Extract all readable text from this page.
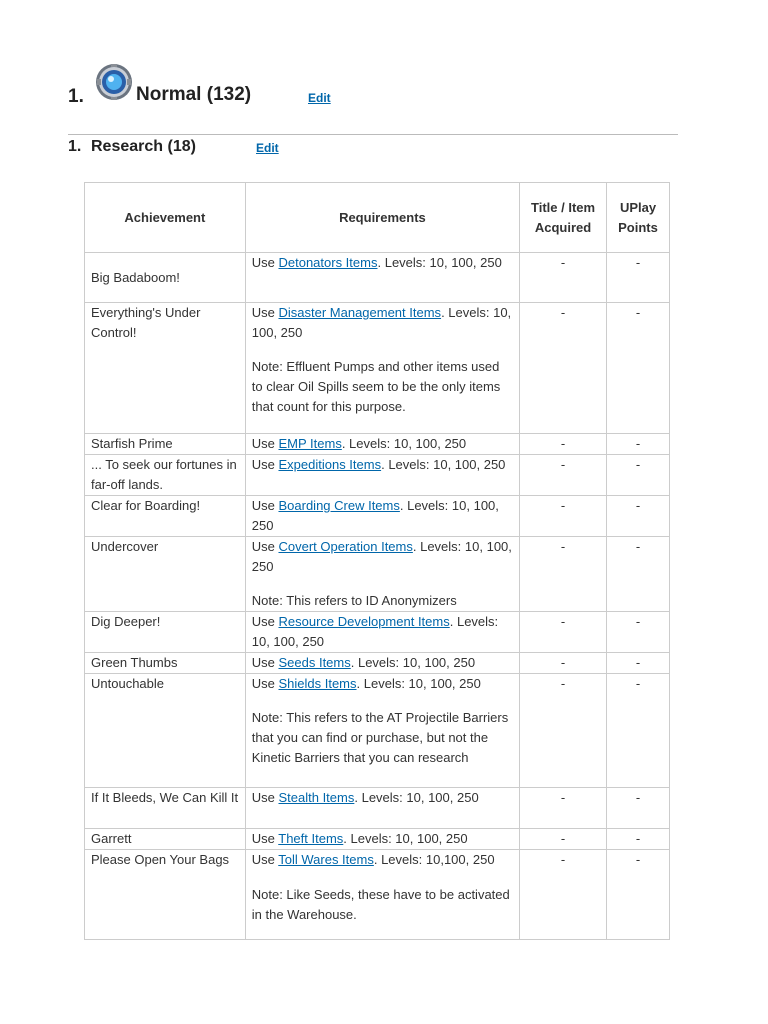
1.	Normal (132)	Edit
1. Research (18)	Edit
Achievement	Requirements	Title / Item Acquired	UPlay Points

Big Badaboom!	Use Detonators Items. Levels: 10, 100, 250	-	-
Everything's Under Control!	Use Disaster Management Items. Levels: 10, 100, 250
Note: Effluent Pumps and other items used to clear Oil Spills seem to be the only items that count for this purpose.	-	-
Starfish Prime	Use EMP Items. Levels: 10, 100, 250	-	-
... To seek our fortunes in far-off lands.	Use Expeditions Items. Levels: 10, 100, 250	-	-
Clear for Boarding!	Use Boarding Crew Items. Levels: 10, 100, 250	-	-
Undercover	Use Covert Operation Items. Levels: 10, 100, 250
Note: This refers to ID Anonymizers	-	-
Dig Deeper!	Use Resource Development Items. Levels: 10, 100, 250	-	-
Green Thumbs	Use Seeds Items. Levels: 10, 100, 250	-	-
Untouchable	Use Shields Items. Levels: 10, 100, 250
Note: This refers to the AT Projectile Barriers that you can find or purchase, but not the Kinetic Barriers that you can research	-	-
If It Bleeds, We Can Kill It	Use Stealth Items. Levels: 10, 100, 250	-	-
Garrett	Use Theft Items. Levels: 10, 100, 250	-	-
Please Open Your Bags	Use Toll Wares Items. Levels: 10,100, 250
Note: Like Seeds, these have to be activated in the Warehouse.	-	-
